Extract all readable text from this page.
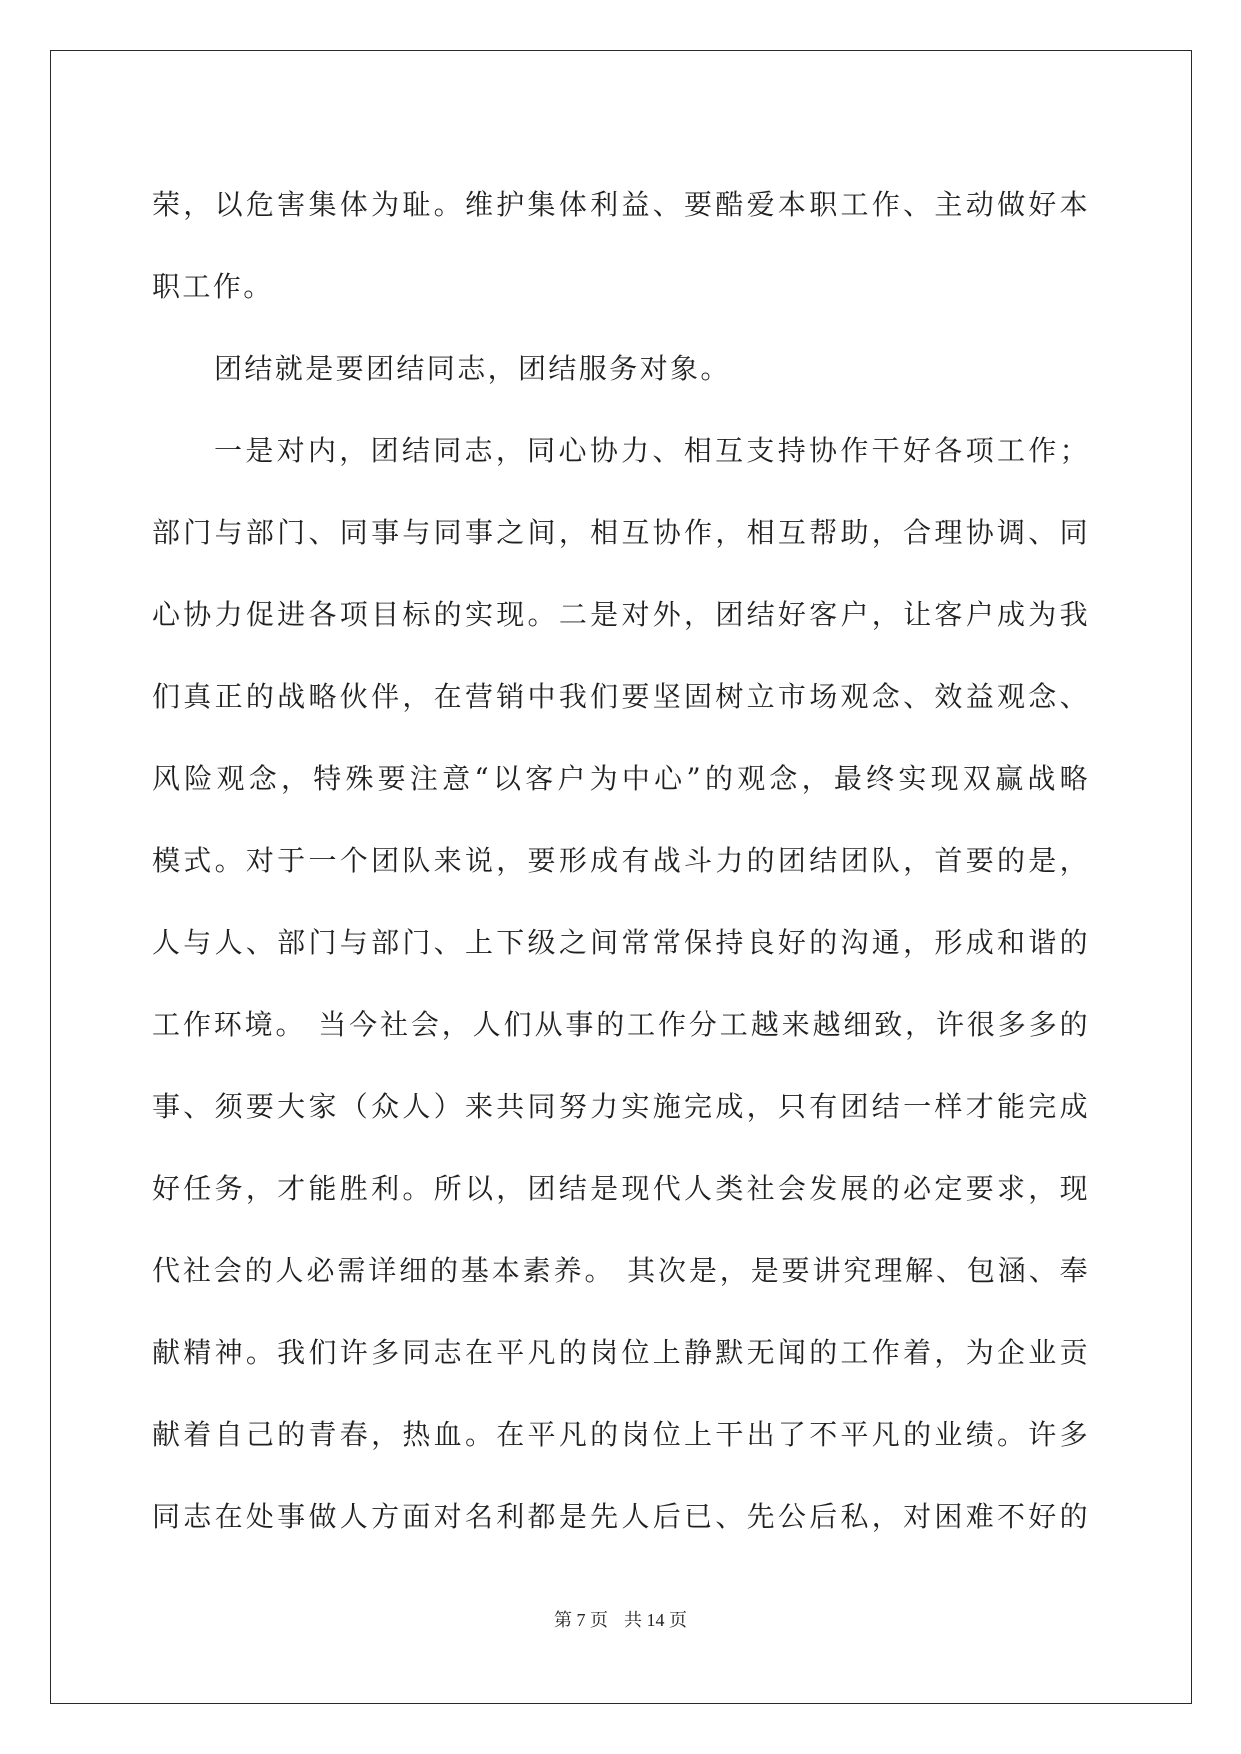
荣，以危害集体为耻。维护集体利益、要酷爱本职工作、主动做好本
职工作。
团结就是要团结同志，团结服务对象。
一是对内，团结同志，同心协力、相互支持协作干好各项工作；
部门与部门、同事与同事之间，相互协作，相互帮助，合理协调、同
心协力促进各项目标的实现。二是对外，团结好客户，让客户成为我
们真正的战略伙伴，在营销中我们要坚固树立市场观念、效益观念、
风险观念，特殊要注意“以客户为中心”的观念，最终实现双赢战略
模式。对于一个团队来说，要形成有战斗力的团结团队，首要的是，
人与人、部门与部门、上下级之间常常保持良好的沟通，形成和谐的
工作环境。 当今社会，人们从事的工作分工越来越细致，许很多多的
事、须要大家（众人）来共同努力实施完成，只有团结一样才能完成
好任务，才能胜利。所以，团结是现代人类社会发展的必定要求，现
代社会的人必需详细的基本素养。 其次是，是要讲究理解、包涵、奉
献精神。我们许多同志在平凡的岗位上静默无闻的工作着，为企业贡
献着自己的青春，热血。在平凡的岗位上干出了不平凡的业绩。许多
同志在处事做人方面对名利都是先人后已、先公后私，对困难不好的
第 7 页 共 14 页
